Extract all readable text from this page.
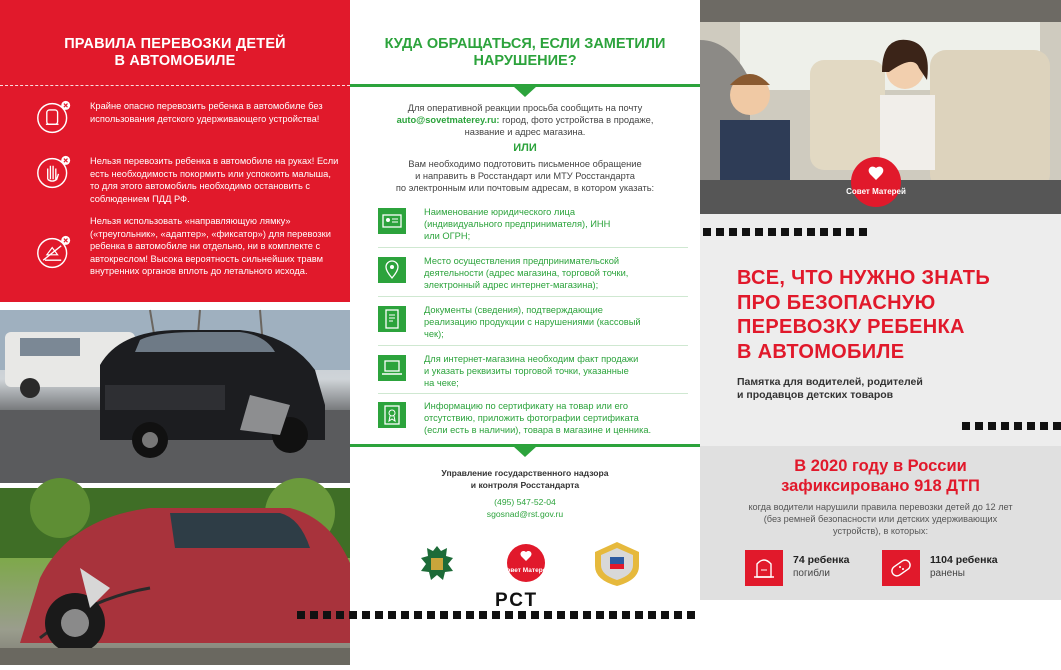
ПРАВИЛА ПЕРЕВОЗКИ ДЕТЕЙ
В АВТОМОБИЛЕ
Крайне опасно перевозить ребенка в автомобиле без использования детского удерживающего устройства!
Нельзя перевозить ребенка в автомобиле на руках! Если есть необходимость покормить или успокоить малыша, то для этого автомобиль необходимо остановить с соблюдением ПДД РФ.
Нельзя использовать «направляющую лямку» («треугольник», «адаптер», «фиксатор») для перевозки ребенка в автомобиле ни отдельно, ни в комплекте с автокреслом! Высока вероятность сильнейших травм внутренних органов вплоть до летального исхода.
КУДА ОБРАЩАТЬСЯ, ЕСЛИ ЗАМЕТИЛИ
НАРУШЕНИЕ?
Для оперативной реакции просьба сообщить на почту
auto@sovetmaterey.ru: город, фото устройства в продаже,
название и адрес магазина.
ИЛИ
Вам необходимо подготовить письменное обращение
и направить в Росстандарт или МТУ Росстандарта
по электронным или почтовым адресам, в котором указать:
Наименование юридического лица
(индивидуального предпринимателя), ИНН
или ОГРН;
Место осуществления предпринимательской
деятельности (адрес магазина, торговой точки,
электронный адрес интернет-магазина);
Документы (сведения), подтверждающие
реализацию продукции с нарушениями (кассовый
чек);
Для интернет-магазина необходим факт продажи
и указать реквизиты торговой точки, указанные
на чеке;
Информацию по сертификату на товар или его
отсутствию, приложить фотографии сертификата
(если есть в наличии), товара в магазине и ценника.
Управление государственного надзора
и контроля Росстандарта
(495) 547-52-04
sgosnad@rst.gov.ru
Совет Матерей
РСТ
Совет Матерей
ВСЕ, ЧТО НУЖНО ЗНАТЬ
ПРО БЕЗОПАСНУЮ
ПЕРЕВОЗКУ РЕБЕНКА
В АВТОМОБИЛЕ
Памятка для водителей, родителей
и продавцов детских товаров
В 2020 году в России
зафиксировано 918 ДТП
когда водители нарушили правила перевозки детей до 12 лет
(без ремней безопасности или детских удерживающих
устройств), в которых:
74 ребенка
погибли
1104 ребенка
ранены
